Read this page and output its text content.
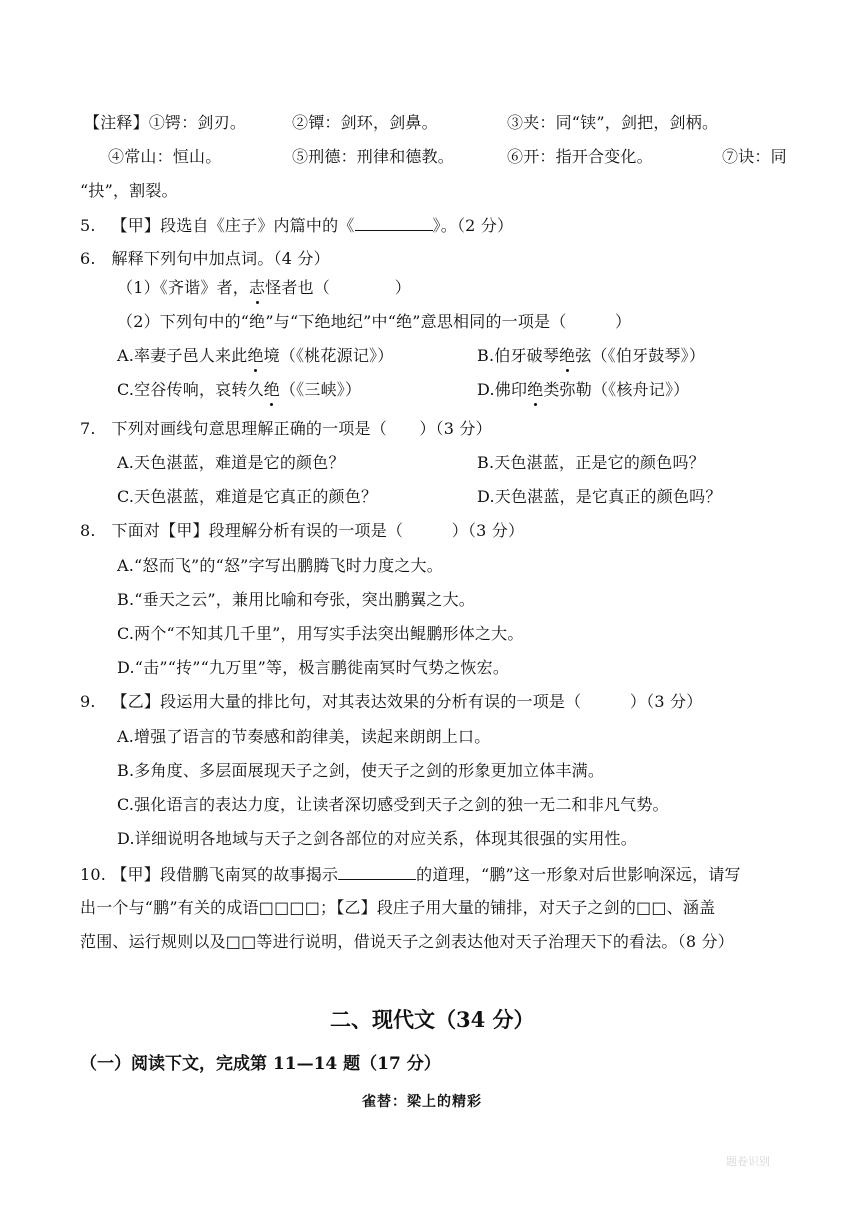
【注释】①锷：剑刃。	②镡：剑环，剑鼻。	③夹：同“铗”，剑把，剑柄。
④常山：恒山。	⑤刑德：刑律和德教。	⑥开：指开合变化。	⑦诀：同
“抉”，割裂。
5. 【甲】段选自《庄子》内篇中的《	》。（2 分）
6. 解释下列句中加点词。（4 分）
（1）《齐谐》者，志怪者也（　　　　）
（2）下列句中的“绝”与“下绝地纪”中“绝”意思相同的一项是（　　　）
A.率妻子邑人来此绝境（《桃花源记》）	B.伯牙破琴绝弦（《伯牙鼓琴》）
C.空谷传响，哀转久绝（《三峡》）	D.佛印绝类弥勒（《核舟记》）
7. 下列对画线句意思理解正确的一项是（　　）（3 分）
A.天色湛蓝，难道是它的颜色？	B.天色湛蓝，正是它的颜色吗？
C.天色湛蓝，难道是它真正的颜色？	D.天色湛蓝，是它真正的颜色吗？
8. 下面对【甲】段理解分析有误的一项是（　　　）（3 分）
A.“怒而飞”的“怒”字写出鹏腾飞时力度之大。
B.“垂天之云”，兼用比喻和夸张，突出鹏翼之大。
C.两个“不知其几千里”，用写实手法突出鲲鹏形体之大。
D.“击”“抟”“九万里”等，极言鹏徙南冥时气势之恢宏。
9. 【乙】段运用大量的排比句，对其表达效果的分析有误的一项是（　　　）（3 分）
A.增强了语言的节奏感和韵律美，读起来朗朗上口。
B.多角度、多层面展现天子之剑，使天子之剑的形象更加立体丰满。
C.强化语言的表达力度，让读者深切感受到天子之剑的独一无二和非凡气势。
D.详细说明各地域与天子之剑各部位的对应关系，体现其很强的实用性。
10. 【甲】段借鹏飞南冥的故事揭示	的道理，“鹏”这一形象对后世影响深远，请写
出一个与“鹏”有关的成语□□□□；【乙】段庄子用大量的铺排，对天子之剑的□□、涵盖
范围、运行规则以及□□等进行说明，借说天子之剑表达他对天子治理天下的看法。（8 分）
二、现代文（34 分）
（一）阅读下文，完成第 11—14 题（17 分）
雀替：梁上的精彩
题卷识别
